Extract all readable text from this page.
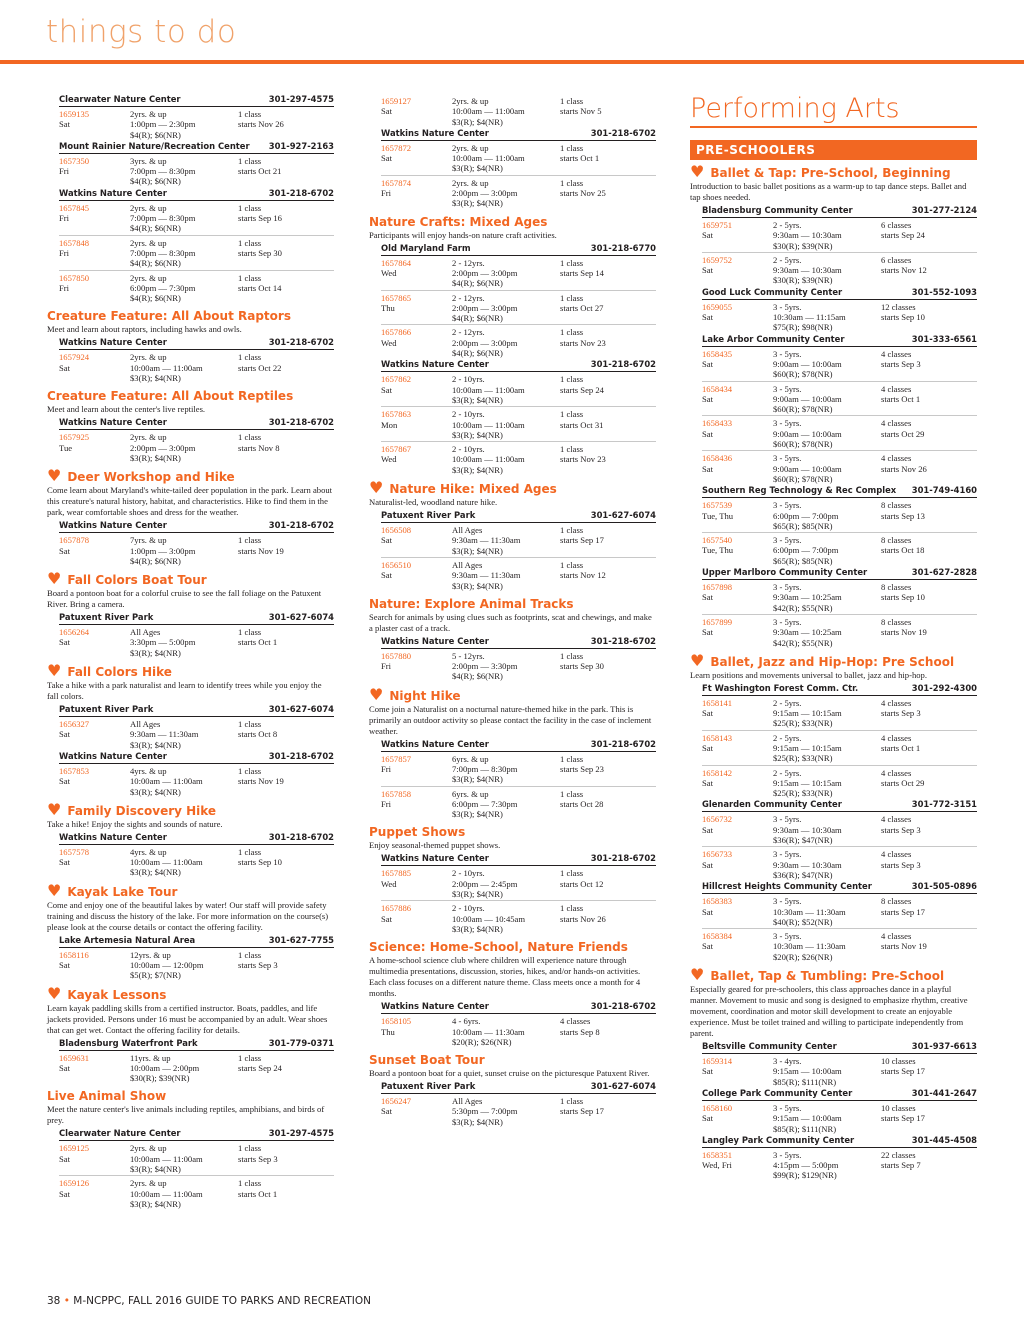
things to do
Clearwater Nature Center	301-297-4575
1659135
Sat
2yrs. & up
1:00pm — 2:30pm
$4(R); $6(NR)
1 class
starts Nov 26
Mount Rainier Nature/Recreation Center 301-927-2163
1657350
Fri
3yrs. & up
7:00pm — 8:30pm
$4(R); $6(NR)
1 class
starts Oct 21
Watkins Nature Center	301-218-6702
1657845
Fri
2yrs. & up
7:00pm — 8:30pm
$4(R); $6(NR)
1 class
starts Sep 16
1657848
Fri
2yrs. & up
7:00pm — 8:30pm
$4(R); $6(NR)
1 class
starts Sep 30
1657850
Fri
2yrs. & up
6:00pm — 7:30pm
$4(R); $6(NR)
1 class
starts Oct 14
Creature Feature: All About Raptors
Meet and learn about raptors, including hawks and owls.
Watkins Nature Center	301-218-6702
1657924
Sat
2yrs. & up
10:00am — 11:00am
$3(R); $4(NR)
1 class
starts Oct 22
Creature Feature: All About Reptiles
Meet and learn about the center's live reptiles.
Watkins Nature Center	301-218-6702
1657925
Tue
2yrs. & up
2:00pm — 3:00pm
$3(R); $4(NR)
1 class
starts Nov 8
♥ Deer Workshop and Hike
Come learn about Maryland's white-tailed deer population in the park. Learn about this creature's natural history, habitat, and characteristics. Hike to find them in the park, wear comfortable shoes and dress for the weather.
Watkins Nature Center	301-218-6702
1657878
Sat
7yrs. & up
1:00pm — 3:00pm
$4(R); $6(NR)
1 class
starts Nov 19
♥ Fall Colors Boat Tour
Board a pontoon boat for a colorful cruise to see the fall foliage on the Patuxent River. Bring a camera.
Patuxent River Park	301-627-6074
1656264
Sat
All Ages
3:30pm — 5:00pm
$3(R); $4(NR)
1 class
starts Oct 1
♥ Fall Colors Hike
Take a hike with a park naturalist and learn to identify trees while you enjoy the fall colors.
Patuxent River Park	301-627-6074
1656327
Sat
All Ages
9:30am — 11:30am
$3(R); $4(NR)
1 class
starts Oct 8
Watkins Nature Center	301-218-6702
1657853
Sat
4yrs. & up
10:00am — 11:00am
$3(R); $4(NR)
1 class
starts Nov 19
♥ Family Discovery Hike
Take a hike! Enjoy the sights and sounds of nature.
Watkins Nature Center	301-218-6702
1657578
Sat
4yrs. & up
10:00am — 11:00am
$3(R); $4(NR)
1 class
starts Sep 10
♥ Kayak Lake Tour
Come and enjoy one of the beautiful lakes by water! Our staff will provide safety training and discuss the history of the lake. For more information on the course(s) please look at the course details or contact the offering facility.
Lake Artemesia Natural Area	301-627-7755
1658116
Sat
12yrs. & up
10:00am — 12:00pm
$5(R); $7(NR)
1 class
starts Sep 3
♥ Kayak Lessons
Learn kayak paddling skills from a certified instructor. Boats, paddles, and life jackets provided. Persons under 16 must be accompanied by an adult. Wear shoes that can get wet. Contact the offering facility for details.
Bladensburg Waterfront Park	301-779-0371
1659631
Sat
11yrs. & up
10:00am — 2:00pm
$30(R); $39(NR)
1 class
starts Sep 24
Live Animal Show
Meet the nature center's live animals including reptiles, amphibians, and birds of prey.
Clearwater Nature Center	301-297-4575
1659125
Sat
2yrs. & up
10:00am — 11:00am
$3(R); $4(NR)
1 class
starts Sep 3
1659126
Sat
2yrs. & up
10:00am — 11:00am
$3(R); $4(NR)
1 class
starts Oct 1
1659127
Sat
2yrs. & up
10:00am — 11:00am
$3(R); $4(NR)
1 class
starts Nov 5
Watkins Nature Center	301-218-6702
1657872
Sat
2yrs. & up
10:00am — 11:00am
$3(R); $4(NR)
1 class
starts Oct 1
1657874
Fri
2yrs. & up
2:00pm — 3:00pm
$3(R); $4(NR)
1 class
starts Nov 25
Nature Crafts: Mixed Ages
Participants will enjoy hands-on nature craft activities.
Old Maryland Farm	301-218-6770
1657864
Wed
2 - 12yrs.
2:00pm — 3:00pm
$4(R); $6(NR)
1 class
starts Sep 14
1657865
Thu
2 - 12yrs.
2:00pm — 3:00pm
$4(R); $6(NR)
1 class
starts Oct 27
1657866
Wed
2 - 12yrs.
2:00pm — 3:00pm
$4(R); $6(NR)
1 class
starts Nov 23
Watkins Nature Center	301-218-6702
1657862
Sat
2 - 10yrs.
10:00am — 11:00am
$3(R); $4(NR)
1 class
starts Sep 24
1657863
Mon
2 - 10yrs.
10:00am — 11:00am
$3(R); $4(NR)
1 class
starts Oct 31
1657867
Wed
2 - 10yrs.
10:00am — 11:00am
$3(R); $4(NR)
1 class
starts Nov 23
♥ Nature Hike: Mixed Ages
Naturalist-led, woodland nature hike.
Patuxent River Park	301-627-6074
1656508
Sat
All Ages
9:30am — 11:30am
$3(R); $4(NR)
1 class
starts Sep 17
1656510
Sat
All Ages
9:30am — 11:30am
$3(R); $4(NR)
1 class
starts Nov 12
Nature: Explore Animal Tracks
Search for animals by using clues such as footprints, scat and chewings, and make a plaster cast of a track.
Watkins Nature Center	301-218-6702
1657880
Fri
5 - 12yrs.
2:00pm — 3:30pm
$4(R); $6(NR)
1 class
starts Sep 30
♥ Night Hike
Come join a Naturalist on a nocturnal nature-themed hike in the park. This is primarily an outdoor activity so please contact the facility in the case of inclement weather.
Watkins Nature Center	301-218-6702
1657857
Fri
6yrs. & up
7:00pm — 8:30pm
$3(R); $4(NR)
1 class
starts Sep 23
1657858
Fri
6yrs. & up
6:00pm — 7:30pm
$3(R); $4(NR)
1 class
starts Oct 28
Puppet Shows
Enjoy seasonal-themed puppet shows.
Watkins Nature Center	301-218-6702
1657885
Wed
2 - 10yrs.
2:00pm — 2:45pm
$3(R); $4(NR)
1 class
starts Oct 12
1657886
Sat
2 - 10yrs.
10:00am — 10:45am
$3(R); $4(NR)
1 class
starts Nov 26
Science: Home-School, Nature Friends
A home-school science club where children will experience nature through multimedia presentations, discussion, stories, hikes, and/or hands-on activities. Each class focuses on a different nature theme. Class meets once a month for 4 months.
Watkins Nature Center	301-218-6702
1658105
Thu
4 - 6yrs.
10:00am — 11:30am
$20(R); $26(NR)
4 classes
starts Sep 8
Sunset Boat Tour
Board a pontoon boat for a quiet, sunset cruise on the picturesque Patuxent River.
Patuxent River Park	301-627-6074
1656247
Sat
All Ages
5:30pm — 7:00pm
$3(R); $4(NR)
1 class
starts Sep 17
Performing Arts
PRE-SCHOOLERS
♥ Ballet & Tap: Pre-School, Beginning
Introduction to basic ballet positions as a warm-up to tap dance steps. Ballet and tap shoes needed.
Bladensburg Community Center	301-277-2124
1659751
Sat
2 - 5yrs.
9:30am — 10:30am
$30(R); $39(NR)
6 classes
starts Sep 24
1659752
Sat
2 - 5yrs.
9:30am — 10:30am
$30(R); $39(NR)
6 classes
starts Nov 12
Good Luck Community Center	301-552-1093
1659055
Sat
3 - 5yrs.
10:30am — 11:15am
$75(R); $98(NR)
12 classes
starts Sep 10
Lake Arbor Community Center	301-333-6561
1658435
Sat
3 - 5yrs.
9:00am — 10:00am
$60(R); $78(NR)
4 classes
starts Sep 3
1658434
Sat
3 - 5yrs.
9:00am — 10:00am
$60(R); $78(NR)
4 classes
starts Oct 1
1658433
Sat
3 - 5yrs.
9:00am — 10:00am
$60(R); $78(NR)
4 classes
starts Oct 29
1658436
Sat
3 - 5yrs.
9:00am — 10:00am
$60(R); $78(NR)
4 classes
starts Nov 26
Southern Reg Technology & Rec Complex 301-749-4160
1657539
Tue, Thu
3 - 5yrs.
6:00pm — 7:00pm
$65(R); $85(NR)
8 classes
starts Sep 13
1657540
Tue, Thu
3 - 5yrs.
6:00pm — 7:00pm
$65(R); $85(NR)
8 classes
starts Oct 18
Upper Marlboro Community Center	301-627-2828
1657898
Sat
3 - 5yrs.
9:30am — 10:25am
$42(R); $55(NR)
8 classes
starts Sep 10
1657899
Sat
3 - 5yrs.
9:30am — 10:25am
$42(R); $55(NR)
8 classes
starts Nov 19
♥ Ballet, Jazz and Hip-Hop: Pre School
Learn positions and movements universal to ballet, jazz and hip-hop.
Ft Washington Forest Comm. Ctr.	301-292-4300
1658141
Sat
2 - 5yrs.
9:15am — 10:15am
$25(R); $33(NR)
4 classes
starts Sep 3
1658143
Sat
2 - 5yrs.
9:15am — 10:15am
$25(R); $33(NR)
4 classes
starts Oct 1
1658142
Sat
2 - 5yrs.
9:15am — 10:15am
$25(R); $33(NR)
4 classes
starts Oct 29
Glenarden Community Center	301-772-3151
1656732
Sat
3 - 5yrs.
9:30am — 10:30am
$36(R); $47(NR)
4 classes
starts Sep 3
1656733
Sat
3 - 5yrs.
9:30am — 10:30am
$36(R); $47(NR)
4 classes
starts Sep 3
Hillcrest Heights Community Center	301-505-0896
1658383
Sat
3 - 5yrs.
10:30am — 11:30am
$40(R); $52(NR)
8 classes
starts Sep 17
1658384
Sat
3 - 5yrs.
10:30am — 11:30am
$20(R); $26(NR)
4 classes
starts Nov 19
♥ Ballet, Tap & Tumbling: Pre-School
Especially geared for pre-schoolers, this class approaches dance in a playful manner. Movement to music and song is designed to emphasize rhythm, creative movement, coordination and motor skill development to create an enjoyable experience. Must be toilet trained and willing to participate independently from parent.
Beltsville Community Center	301-937-6613
1659314
Sat
3 - 4yrs.
9:15am — 10:00am
$85(R); $111(NR)
10 classes
starts Sep 17
College Park Community Center	301-441-2647
1658160
Sat
3 - 5yrs.
9:15am — 10:00am
$85(R); $111(NR)
10 classes
starts Sep 17
Langley Park Community Center	301-445-4508
1658351
Wed, Fri
3 - 5yrs.
4:15pm — 5:00pm
$99(R); $129(NR)
22 classes
starts Sep 7
38 • M-NCPPC, FALL 2016 GUIDE TO PARKS AND RECREATION
